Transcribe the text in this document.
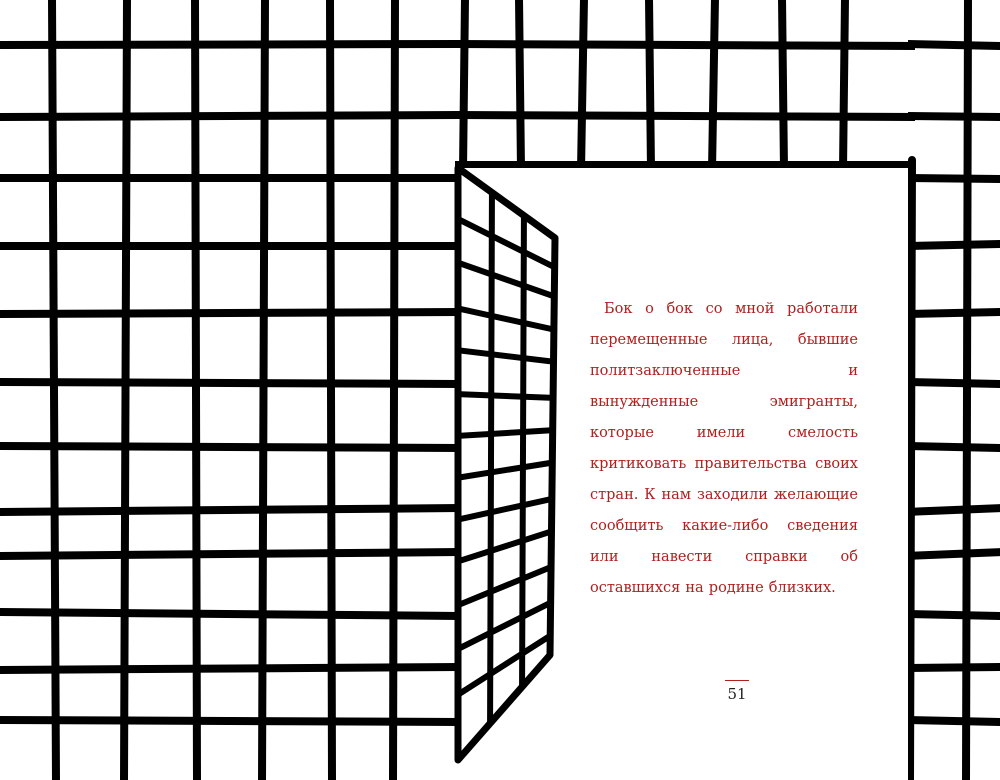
Бок о бок со мной работали перемещенные лица, бывшие политзаключенные и вынужденные эмигранты, которые имели смелость критиковать правительства своих стран. К нам заходили желающие сообщить какие-либо сведения или навести справки об оставшихся на родине близких.

51
